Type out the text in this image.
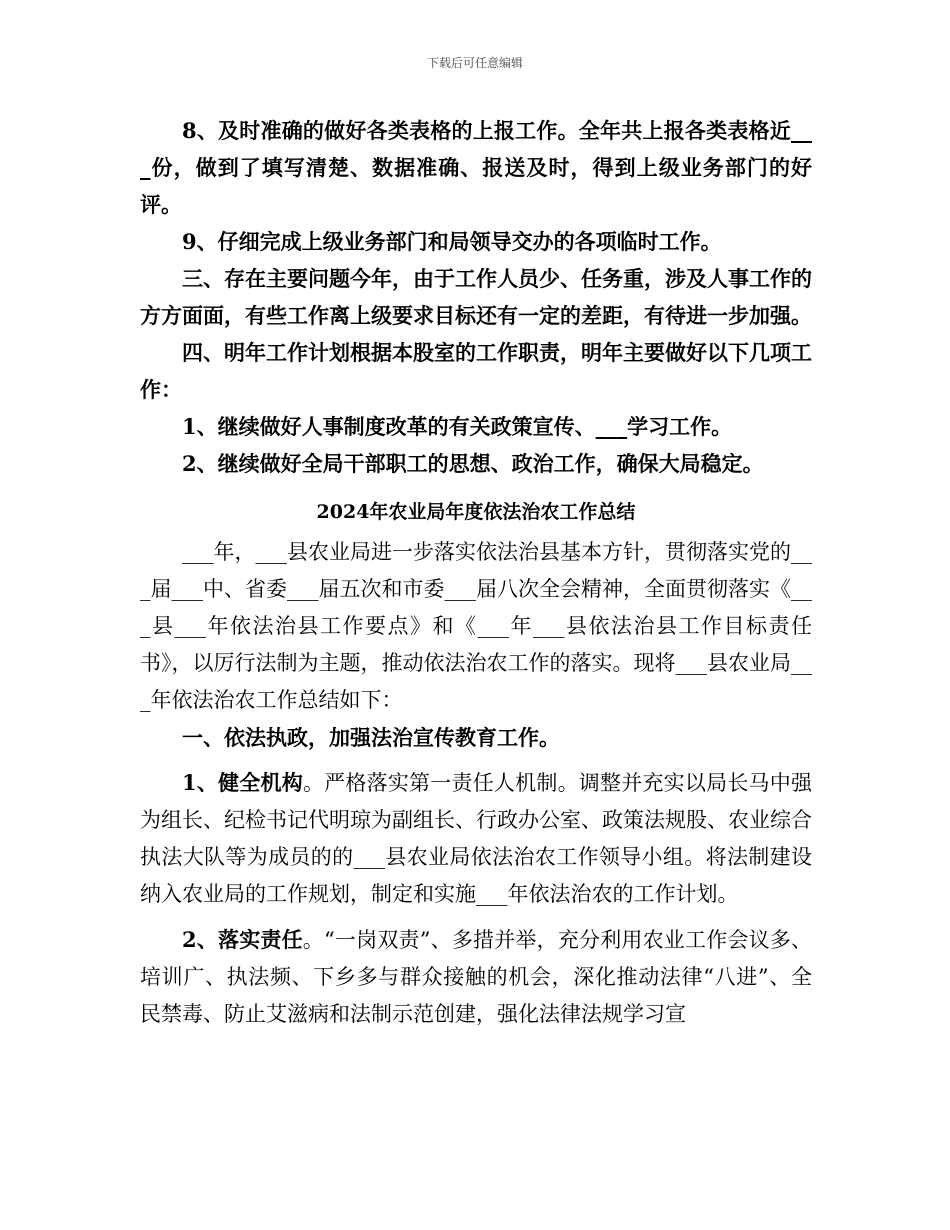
下载后可任意编辑

8、及时准确的做好各类表格的上报工作。全年共上报各类表格近___份，做到了填写清楚、数据准确、报送及时，得到上级业务部门的好评。

9、仔细完成上级业务部门和局领导交办的各项临时工作。

三、存在主要问题今年，由于工作人员少、任务重，涉及人事工作的方方面面，有些工作离上级要求目标还有一定的差距，有待进一步加强。

四、明年工作计划根据本股室的工作职责，明年主要做好以下几项工作：

1、继续做好人事制度改革的有关政策宣传、___学习工作。

2、继续做好全局干部职工的思想、政治工作，确保大局稳定。

2024年农业局年度依法治农工作总结

___年，___县农业局进一步落实依法治县基本方针，贯彻落实党的___届___中、省委___届五次和市委___届八次全会精神，全面贯彻落实《___县___年依法治县工作要点》和《___年___县依法治县工作目标责任书》，以厉行法制为主题，推动依法治农工作的落实。现将___县农业局___年依法治农工作总结如下：

一、依法执政，加强法治宣传教育工作。

1、健全机构。严格落实第一责任人机制。调整并充实以局长马中强为组长、纪检书记代明琼为副组长、行政办公室、政策法规股、农业综合执法大队等为成员的的___县农业局依法治农工作领导小组。将法制建设纳入农业局的工作规划，制定和实施___年依法治农的工作计划。

2、落实责任。“一岗双责”、多措并举，充分利用农业工作会议多、培训广、执法频、下乡多与群众接触的机会，深化推动法律“八进”、全民禁毒、防止艾滋病和法制示范创建，强化法律法规学习宣
